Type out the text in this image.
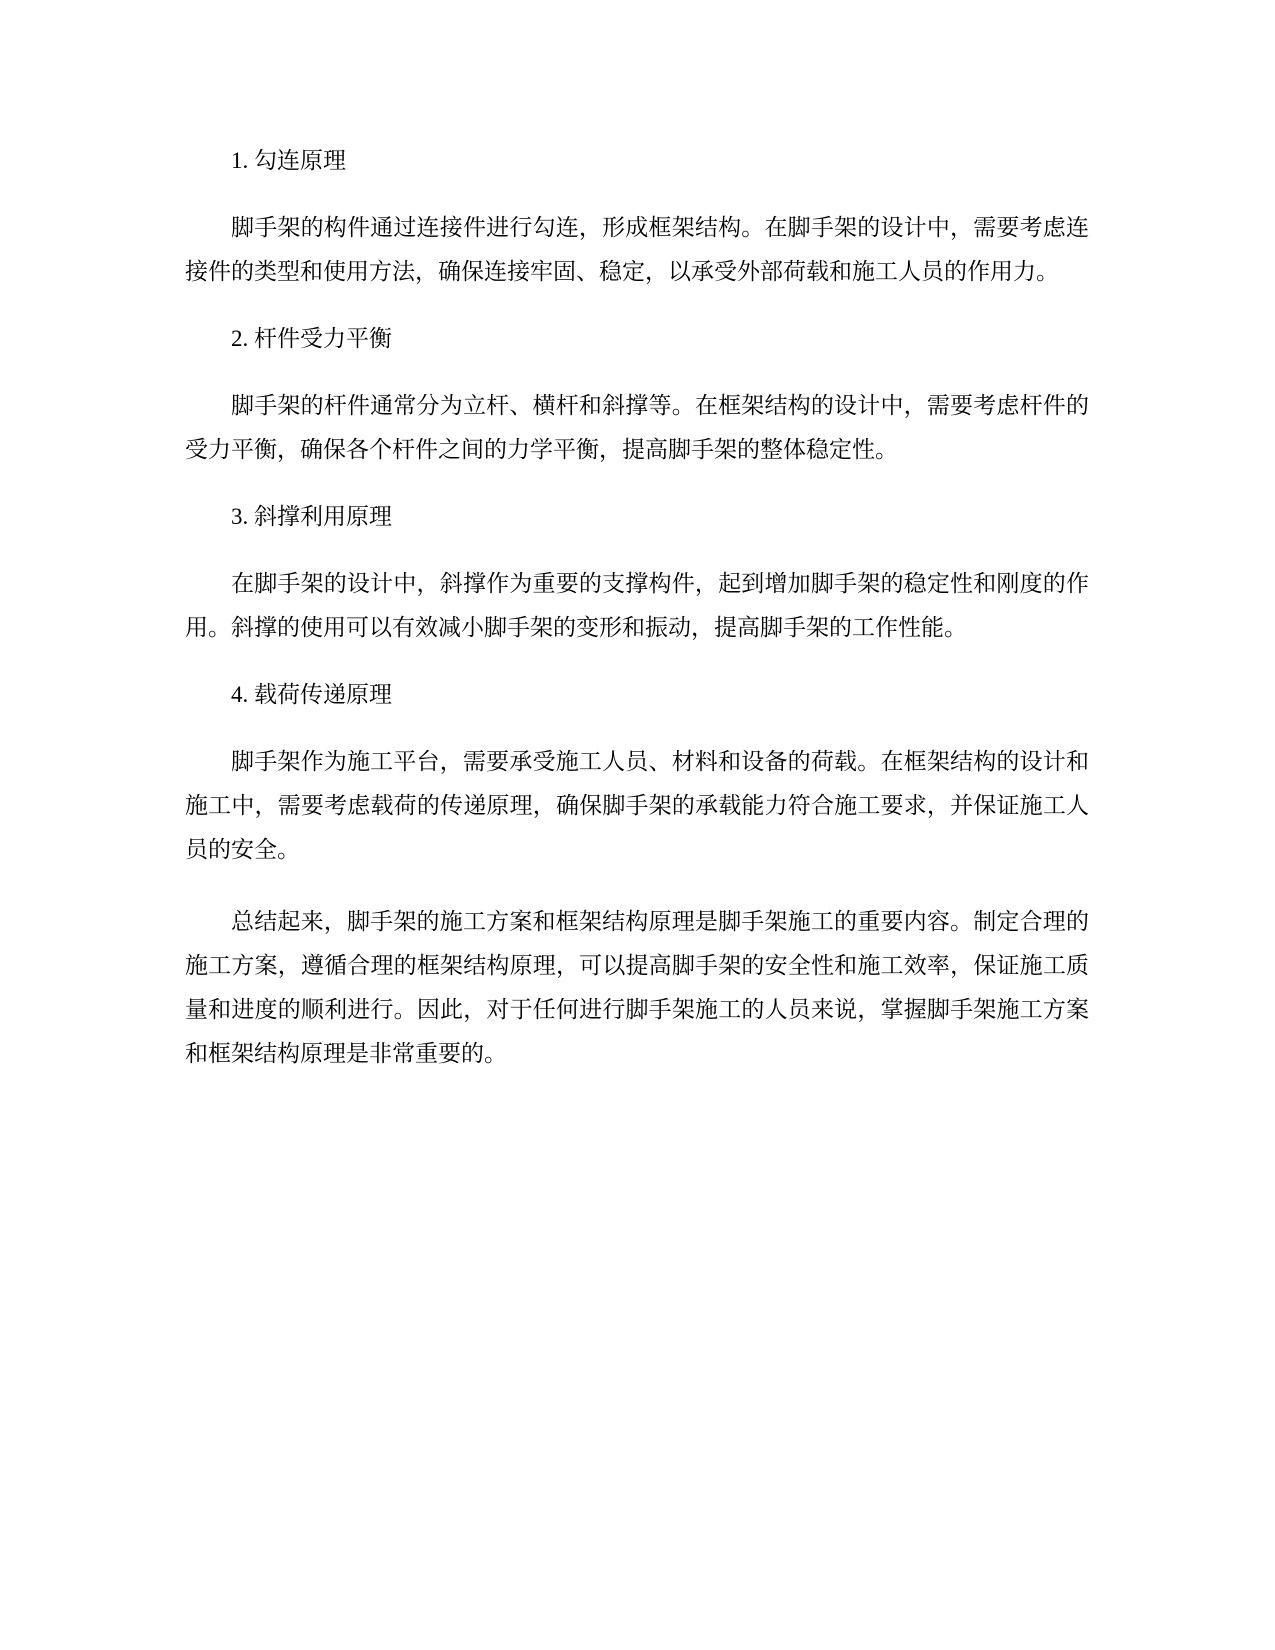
1. 勾连原理

脚手架的构件通过连接件进行勾连，形成框架结构。在脚手架的设计中，需要考虑连接件的类型和使用方法，确保连接牢固、稳定，以承受外部荷载和施工人员的作用力。

2. 杆件受力平衡

脚手架的杆件通常分为立杆、横杆和斜撑等。在框架结构的设计中，需要考虑杆件的受力平衡，确保各个杆件之间的力学平衡，提高脚手架的整体稳定性。

3. 斜撑利用原理

在脚手架的设计中，斜撑作为重要的支撑构件，起到增加脚手架的稳定性和刚度的作用。斜撑的使用可以有效减小脚手架的变形和振动，提高脚手架的工作性能。

4. 载荷传递原理

脚手架作为施工平台，需要承受施工人员、材料和设备的荷载。在框架结构的设计和施工中，需要考虑载荷的传递原理，确保脚手架的承载能力符合施工要求，并保证施工人员的安全。

总结起来，脚手架的施工方案和框架结构原理是脚手架施工的重要内容。制定合理的施工方案，遵循合理的框架结构原理，可以提高脚手架的安全性和施工效率，保证施工质量和进度的顺利进行。因此，对于任何进行脚手架施工的人员来说，掌握脚手架施工方案和框架结构原理是非常重要的。
